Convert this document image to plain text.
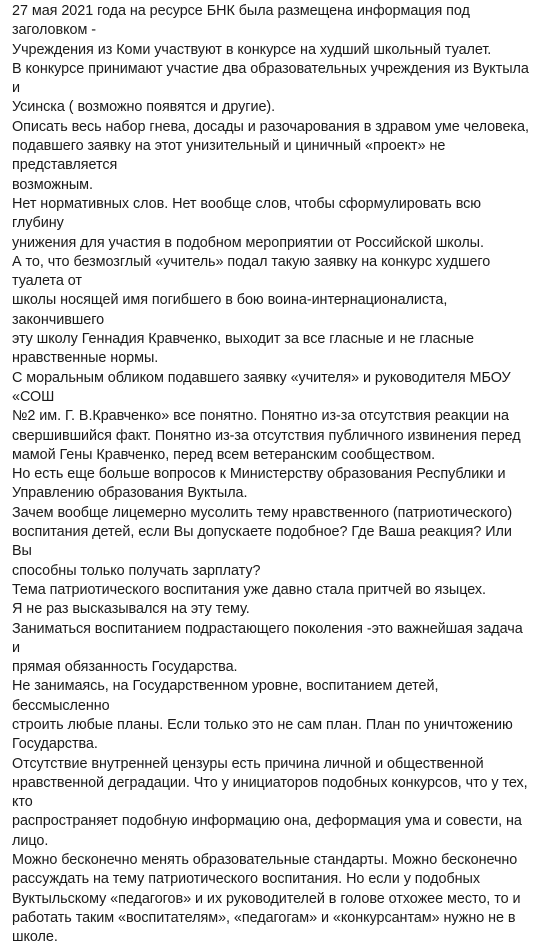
27 мая 2021 года на ресурсе БНК была размещена информация под заголовком -
Учреждения из Коми участвуют в конкурсе на худший школьный туалет.

В конкурсе принимают участие два образовательных учреждения из Вуктыла и
Усинска ( возможно появятся и другие).

Описать весь набор гнева, досады и разочарования в здравом уме человека,
подавшего заявку на этот унизительный и циничный «проект» не представляется
возможным.

Нет нормативных слов. Нет вообще слов, чтобы сформулировать всю глубину
унижения для участия в подобном мероприятии от Российской школы.

А то, что безмозглый «учитель» подал такую заявку на конкурс худшего туалета от
школы носящей имя погибшего в бою воина-интернационалиста, закончившего
эту школу Геннадия Кравченко, выходит за все гласные и не гласные
нравственные нормы.

С моральным обликом подавшего заявку «учителя» и руководителя МБОУ «СОШ
№2 им. Г. В.Кравченко» все понятно. Понятно из-за отсутствия реакции на
свершившийся факт. Понятно из-за отсутствия публичного извинения перед
мамой Гены Кравченко, перед всем ветеранским сообществом.

Но есть еще больше вопросов к Министерству образования Республики и
Управлению образования Вуктыла.

Зачем вообще лицемерно мусолить тему нравственного (патриотического)
воспитания детей, если Вы допускаете подобное? Где Ваша реакция? Или Вы
способны только получать зарплату?

Тема патриотического воспитания уже давно стала притчей во языцех.

Я не раз высказывался на эту тему.

Заниматься воспитанием подрастающего поколения -это важнейшая задача и
прямая обязанность Государства.

Не занимаясь, на Государственном уровне, воспитанием детей, бессмысленно
строить любые планы. Если только это не сам план. План по уничтожению
Государства.

Отсутствие внутренней цензуры есть причина личной и общественной
нравственной деградации. Что у инициаторов подобных конкурсов, что у тех, кто
распространяет подобную информацию она, деформация ума и совести, на лицо.

Можно бесконечно менять образовательные стандарты. Можно бесконечно
рассуждать на тему патриотического воспитания. Но если у подобных
Вуктыльскому «педагогов» и их руководителей в голове отхожее место, то и
работать таким «воспитателям», «педагогам» и «конкурсантам» нужно не в школе.
